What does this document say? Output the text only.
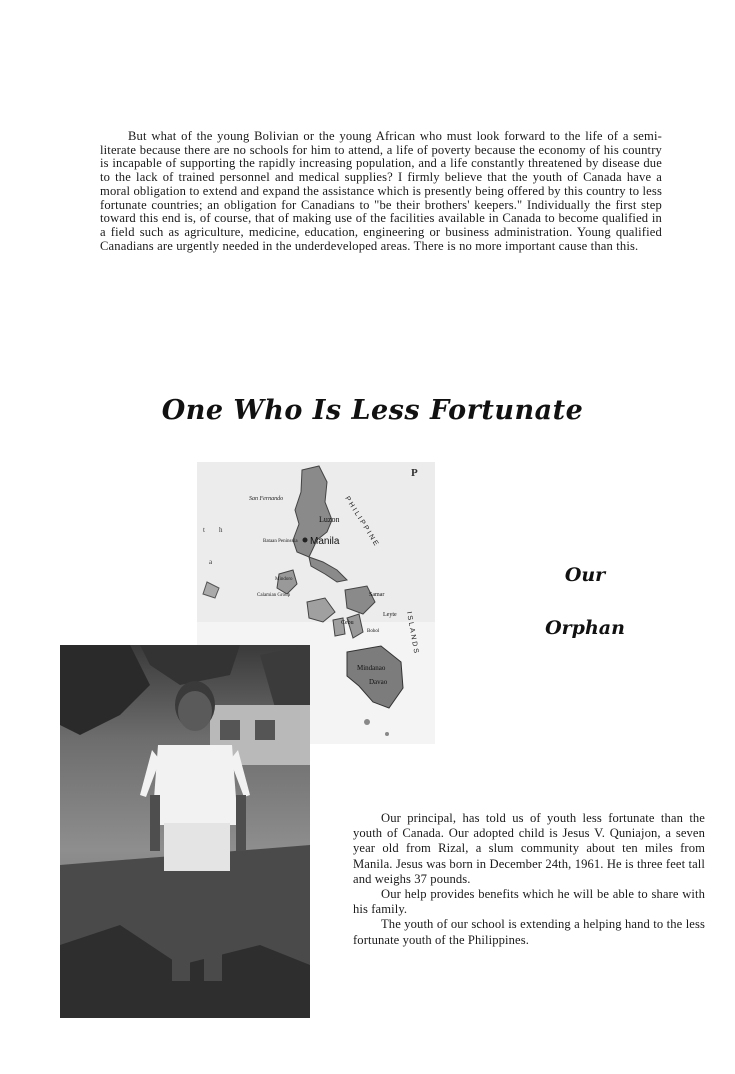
But what of the young Bolivian or the young African who must look forward to the life of a semi-literate because there are no schools for him to attend, a life of poverty because the economy of his country is incapable of supporting the rapidly increasing population, and a life constantly threatened by disease due to the lack of trained personnel and medical supplies? I firmly believe that the youth of Canada have a moral obligation to extend and expand the assistance which is presently being offered by this country to less fortunate countries; an obligation for Canadians to "be their brothers' keepers." Individually the first step toward this end is, of course, that of making use of the facilities available in Canada to become qualified in a field such as agriculture, medicine, education, engineering or business administration. Young qualified Canadians are urgently needed in the underdeveloped areas. There is no more important cause than this.

One Who Is Less Fortunate
P
San Fernando
Luzon
Manila
Bataan Peninsula
Mindoro
Calamian Group	Samar
Leyte
Cebu
Bohol
Mindanao
Davao
PHILIPPINE
ISLANDS
t h
a
Our
Orphan

Our principal, has told us of youth less fortunate than the youth of Canada. Our adopted child is Jesus V. Quniajon, a seven year old from Rizal, a slum community about ten miles from Manila. Jesus was born in December 24th, 1961. He is three feet tall and weighs 37 pounds.

Our help provides benefits which he will be able to share with his family.

The youth of our school is extending a helping hand to the less fortunate youth of the Philippines.
